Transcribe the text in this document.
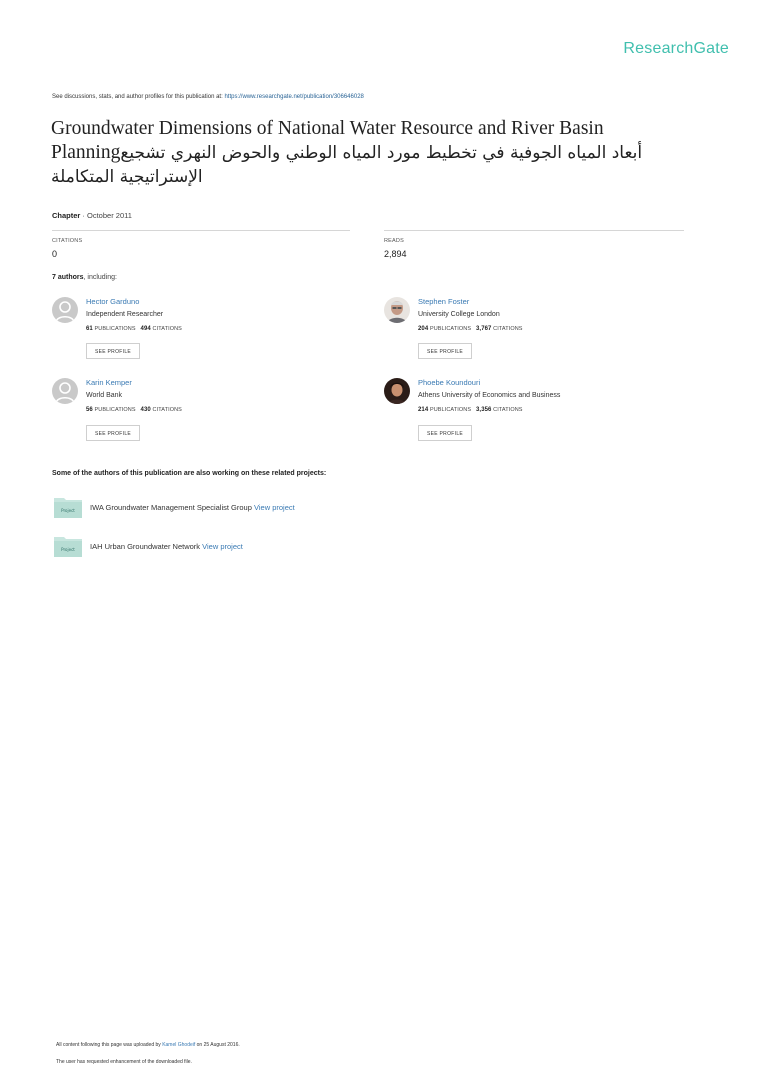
ResearchGate
See discussions, stats, and author profiles for this publication at: https://www.researchgate.net/publication/306646028
Groundwater Dimensions of National Water Resource and River Basin
Planningأبعاد المياه الجوفية في تخطيط مورد المياه الوطني والحوض النهري تشجيع
الإستراتيجية المتكاملة
Chapter · October 2011
CITATIONS
0
READS
2,894
7 authors, including:
Hector Garduno
Independent Researcher
61 PUBLICATIONS 494 CITATIONS
SEE PROFILE
Stephen Foster
University College London
204 PUBLICATIONS 3,767 CITATIONS
SEE PROFILE
Karin Kemper
World Bank
56 PUBLICATIONS 430 CITATIONS
SEE PROFILE
Phoebe Koundouri
Athens University of Economics and Business
214 PUBLICATIONS 3,356 CITATIONS
SEE PROFILE
Some of the authors of this publication are also working on these related projects:
Project IWA Groundwater Management Specialist Group View project
Project IAH Urban Groundwater Network View project
All content following this page was uploaded by Kamel Ghodeif on 25 August 2016.
The user has requested enhancement of the downloaded file.
